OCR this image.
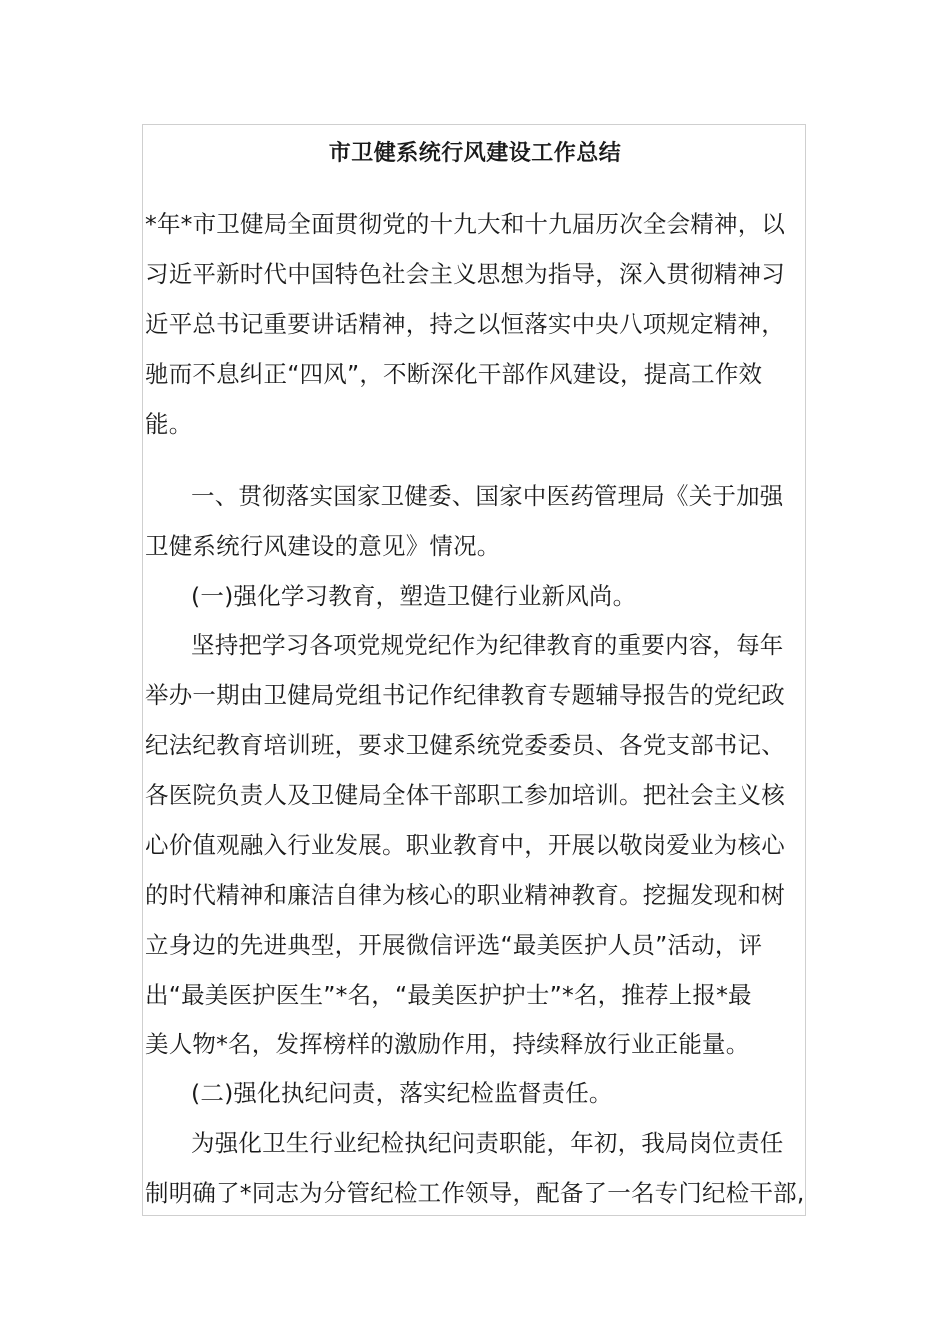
市卫健系统行风建设工作总结
*年*市卫健局全面贯彻党的十九大和十九届历次全会精神，以
习近平新时代中国特色社会主义思想为指导，深入贯彻精神习
近平总书记重要讲话精神，持之以恒落实中央八项规定精神，
驰而不息纠正“四风”，不断深化干部作风建设，提高工作效
能。
一、贯彻落实国家卫健委、国家中医药管理局《关于加强
卫健系统行风建设的意见》情况。
(一)强化学习教育，塑造卫健行业新风尚。
坚持把学习各项党规党纪作为纪律教育的重要内容，每年
举办一期由卫健局党组书记作纪律教育专题辅导报告的党纪政
纪法纪教育培训班，要求卫健系统党委委员、各党支部书记、
各医院负责人及卫健局全体干部职工参加培训。把社会主义核
心价值观融入行业发展。职业教育中，开展以敬岗爱业为核心
的时代精神和廉洁自律为核心的职业精神教育。挖掘发现和树
立身边的先进典型，开展微信评选“最美医护人员”活动，评
出“最美医护医生”*名，“最美医护护士”*名，推荐上报*最
美人物*名，发挥榜样的激励作用，持续释放行业正能量。
(二)强化执纪问责，落实纪检监督责任。
为强化卫生行业纪检执纪问责职能，年初，我局岗位责任
制明确了*同志为分管纪检工作领导，配备了一名专门纪检干部,
